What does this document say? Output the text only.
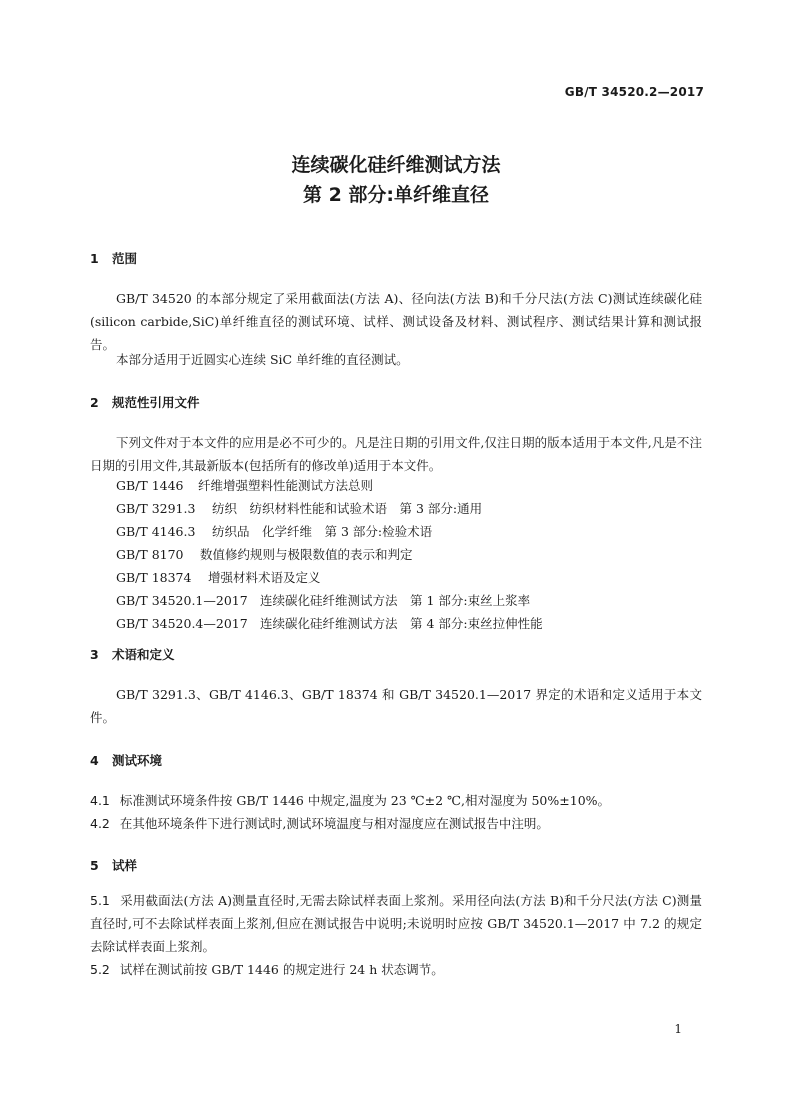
GB/T 34520.2—2017
连续碳化硅纤维测试方法
第 2 部分:单纤维直径
1 范围
GB/T 34520 的本部分规定了采用截面法(方法 A)、径向法(方法 B)和千分尺法(方法 C)测试连续碳化硅(silicon carbide,SiC)单纤维直径的测试环境、试样、测试设备及材料、测试程序、测试结果计算和测试报告。
本部分适用于近圆实心连续 SiC 单纤维的直径测试。
2 规范性引用文件
下列文件对于本文件的应用是必不可少的。凡是注日期的引用文件,仅注日期的版本适用于本文件,凡是不注日期的引用文件,其最新版本(包括所有的修改单)适用于本文件。
GB/T 1446 纤维增强塑料性能测试方法总则
GB/T 3291.3 纺织　纺织材料性能和试验术语　第 3 部分:通用
GB/T 4146.3 纺织品　化学纤维　第 3 部分:检验术语
GB/T 8170 数值修约规则与极限数值的表示和判定
GB/T 18374 增强材料术语及定义
GB/T 34520.1—2017 连续碳化硅纤维测试方法　第 1 部分:束丝上浆率
GB/T 34520.4—2017 连续碳化硅纤维测试方法　第 4 部分:束丝拉伸性能
3 术语和定义
GB/T 3291.3、GB/T 4146.3、GB/T 18374 和 GB/T 34520.1—2017 界定的术语和定义适用于本文件。
4 测试环境
4.1 标准测试环境条件按 GB/T 1446 中规定,温度为 23 ℃±2 ℃,相对湿度为 50%±10%。
4.2 在其他环境条件下进行测试时,测试环境温度与相对湿度应在测试报告中注明。
5 试样
5.1 采用截面法(方法 A)测量直径时,无需去除试样表面上浆剂。采用径向法(方法 B)和千分尺法(方法 C)测量直径时,可不去除试样表面上浆剂,但应在测试报告中说明;未说明时应按 GB/T 34520.1—2017 中 7.2 的规定去除试样表面上浆剂。
5.2 试样在测试前按 GB/T 1446 的规定进行 24 h 状态调节。
1
